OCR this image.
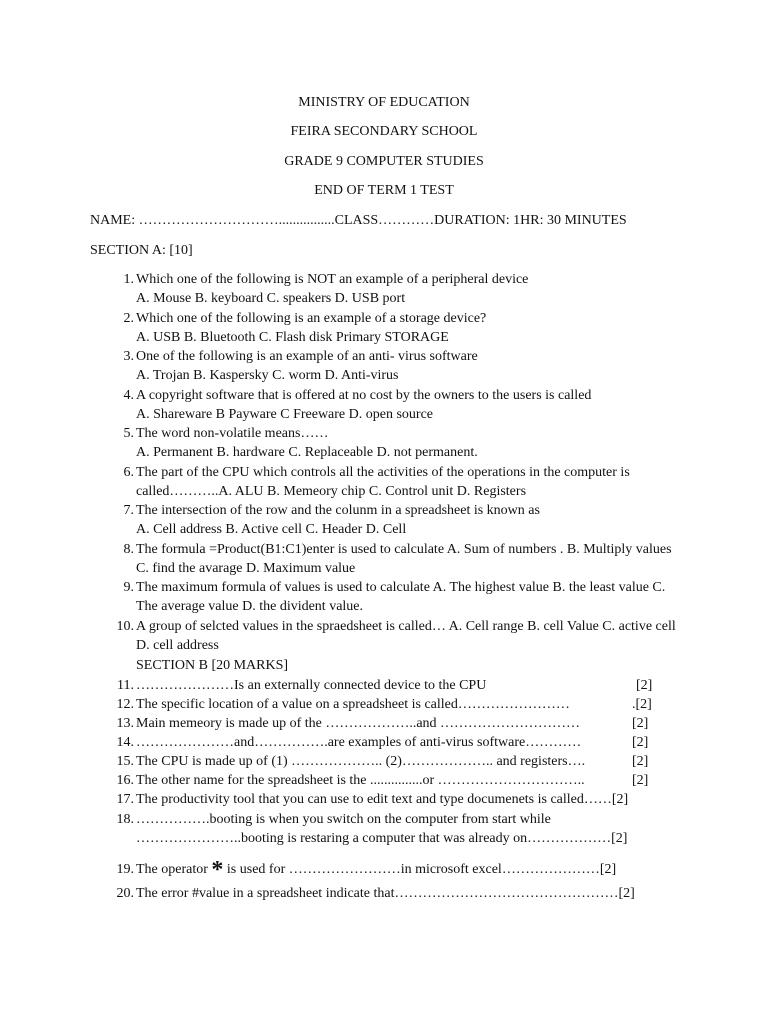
MINISTRY OF EDUCATION
FEIRA SECONDARY SCHOOL
GRADE 9 COMPUTER STUDIES
END OF TERM 1 TEST
NAME: …………………………................CLASS…………DURATION: 1HR: 30 MINUTES
SECTION A: [10]
1. Which one of the following is NOT an example of a peripheral device
A. Mouse B. keyboard C. speakers D. USB port
2. Which one of the following is an example of a storage device?
A. USB B. Bluetooth C. Flash disk Primary STORAGE
3. One of the following is an example of an anti- virus software
A. Trojan B. Kaspersky C. worm D. Anti-virus
4. A copyright software that is offered at no cost by the owners to the users is called
A. Shareware B Payware C Freeware D. open source
5. The word non-volatile means……
A. Permanent B. hardware C. Replaceable D. not permanent.
6. The part of the CPU which controls all the activities of the operations in the computer is called………..A. ALU B. Memeory chip C. Control unit D. Registers
7. The intersection of the row and the colunm in a spreadsheet is known as
A. Cell address B. Active cell C. Header D. Cell
8. The formula =Product(B1:C1)enter is used to calculate A. Sum of numbers . B. Multiply values C. find the avarage D. Maximum value
9. The maximum formula of values is used to calculate A. The highest value B. the least value C. The average value D. the divident value.
10. A group of selcted values in the spraedsheet is called… A. Cell range B. cell Value C. active cell D. cell address
SECTION B [20 MARKS]
11. …………………Is an externally connected device to the CPU	[2]
12. The specific location of a value on a spreadsheet is called……………………	.[2]
13. Main memeory is made up of the ………………..and …………………………	[2]
14. …………………and…………….are examples of anti-virus software…………	[2]
15. The CPU is made up of (1) ……………….. (2)……………….. and registers….	[2]
16. The other name for the spreadsheet is the ...............or …………………………..	[2]
17. The productivity tool that you can use to edit text and type documenets is called……[2]
18. …………….booting is when you switch on the computer from start while
…………………..booting is restaring a computer that was already on………………[2]
19. The operator * is used for ……………………in microsoft excel…………………[2]
20. The error #value in a spreadsheet indicate that…………………………………………[2]
